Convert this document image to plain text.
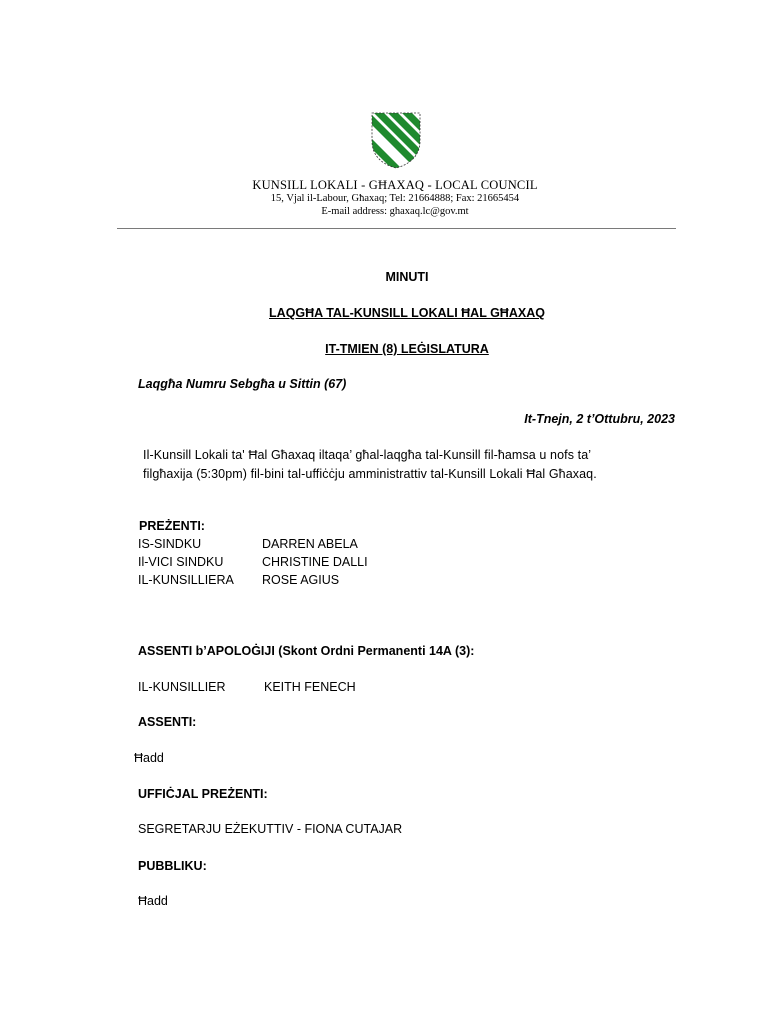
KUNSILL LOKALI - GĦAXAQ - LOCAL COUNCIL
15, Vjal il-Labour, Għaxaq; Tel: 21664888; Fax: 21665454
E-mail address: ghaxaq.lc@gov.mt
MINUTI
LAQGĦA TAL-KUNSILL LOKALI ĦAL GĦAXAQ
IT-TMIEN (8) LEĠISLATURA
Laqgħa Numru Sebgħa u Sittin (67)
It-Tnejn, 2 t’Ottubru, 2023
Il-Kunsill Lokali ta' Ħal Għaxaq iltaqa’ għal-laqgħa tal-Kunsill fil-ħamsa u nofs ta’
filgħaxija (5:30pm) fil-bini tal-uffiċċju amministrattiv tal-Kunsill Lokali Ħal Għaxaq.
PREŻENTI:
IS-SINDKU	DARREN ABELA
Il-VICI SINDKU	CHRISTINE DALLI
IL-KUNSILLIERA ROSE AGIUS
ASSENTI b’APOLOĠIJI (Skont Ordni Permanenti 14A (3):
IL-KUNSILLIER	KEITH FENECH
ASSENTI:
Ħadd
UFFIĊJAL PREŻENTI:
SEGRETARJU EŻEKUTTIV - FIONA CUTAJAR
PUBBLIKU:
Ħadd
